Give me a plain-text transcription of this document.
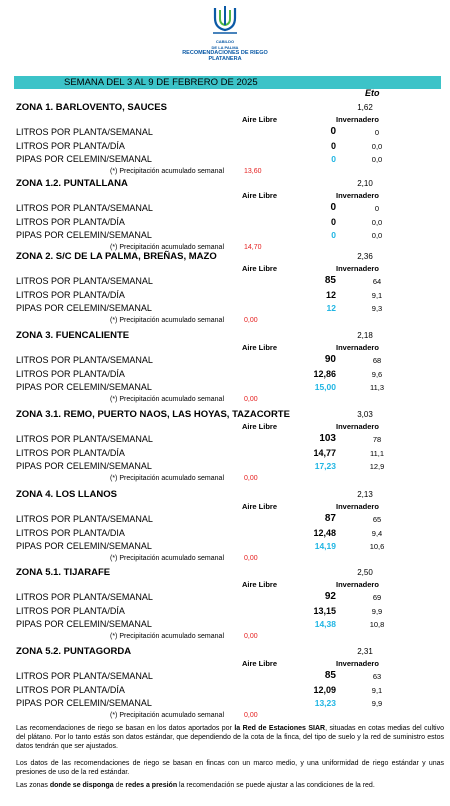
CABILDO
DE LA PALMA
RECOMENDACIONES DE RIEGO
PLATANERA
SEMANA DEL 3 AL 9 DE FEBRERO DE 2025
Eto
ZONA 1. BARLOVENTO, SAUCES	1,62
Aire Libre	Invernadero
LITROS POR PLANTA/SEMANAL	0	0
LITROS POR PLANTA/DÍA	0	0,0
PIPAS POR CELEMIN/SEMANAL	0	0,0
(*) Precipitación acumulado semanal	13,60
ZONA 1.2. PUNTALLANA	2,10
Aire Libre	Invernadero
LITROS POR PLANTA/SEMANAL	0	0
LITROS POR PLANTA/DÍA	0	0,0
PIPAS POR CELEMIN/SEMANAL	0	0,0
(*) Precipitación acumulado semanal	14,70
ZONA 2. S/C DE LA PALMA, BREÑAS, MAZO	2,36
Aire Libre	Invernadero
LITROS POR PLANTA/SEMANAL	85	64
LITROS POR PLANTA/DÍA	12	9,1
PIPAS POR CELEMIN/SEMANAL	12	9,3
(*) Precipitación acumulado semanal	0,00
ZONA 3. FUENCALIENTE	2,18
Aire Libre	Invernadero
LITROS POR PLANTA/SEMANAL	90	68
LITROS POR PLANTA/DÍA	12,86	9,6
PIPAS POR CELEMIN/SEMANAL	15,00	11,3
(*) Precipitación acumulado semanal	0,00
ZONA 3.1. REMO, PUERTO NAOS, LAS HOYAS, TAZACORTE	3,03
Aire Libre	Invernadero
LITROS POR PLANTA/SEMANAL	103	78
LITROS POR PLANTA/DÍA	14,77	11,1
PIPAS POR CELEMIN/SEMANAL	17,23	12,9
(*) Precipitación acumulado semanal	0,00
ZONA 4. LOS LLANOS	2,13
Aire Libre	Invernadero
LITROS POR PLANTA/SEMANAL	87	65
LITROS POR PLANTA/DIA	12,48	9,4
PIPAS POR CELEMIN/SEMANAL	14,19	10,6
(*) Precipitación acumulado semanal	0,00
ZONA 5.1. TIJARAFE	2,50
Aire Libre	Invernadero
LITROS POR PLANTA/SEMANAL	92	69
LITROS POR PLANTA/DÍA	13,15	9,9
PIPAS POR CELEMIN/SEMANAL	14,38	10,8
(*) Precipitación acumulado semanal	0,00
ZONA 5.2. PUNTAGORDA	2,31
Aire Libre	Invernadero
LITROS POR PLANTA/SEMANAL	85	63
LITROS POR PLANTA/DÍA	12,09	9,1
PIPAS POR CELEMIN/SEMANAL	13,23	9,9
(*) Precipitación acumulado semanal	0,00
Las recomendaciones de riego se basan en los datos aportados por la Red de Estaciones SIAR, situadas en cotas medias del cultivo del plátano. Por lo tanto estás son datos estándar, que dependiendo de la cota de la finca, del tipo de suelo y la red de suministro estos datos tendrán que ser ajustados.
Los datos de las recomendaciones de riego se basan en fincas con un marco medio, y una uniformidad de riego estándar y unas presiones de uso de la red estándar.
Las zonas donde se disponga de redes a presión la recomendación se puede ajustar a las condiciones de la red.
